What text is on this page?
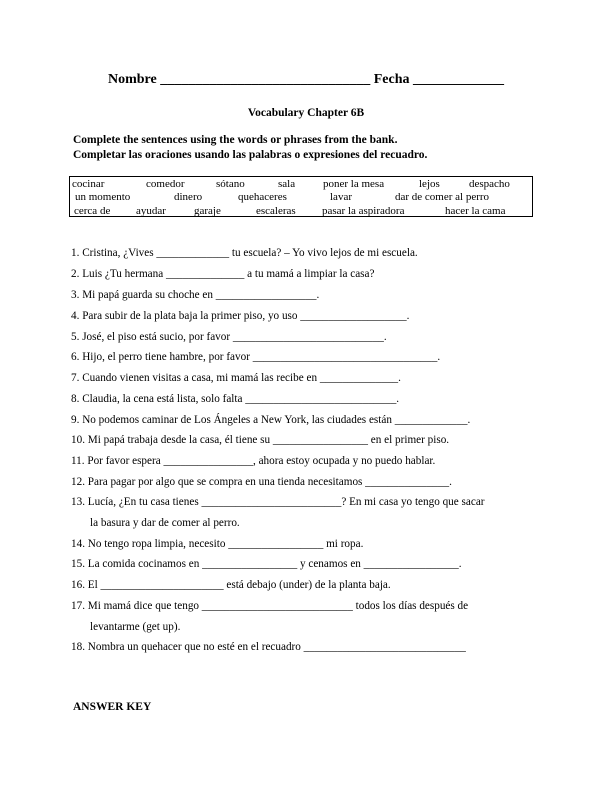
Nombre ______________________________ Fecha _____________
Vocabulary Chapter 6B
Complete the sentences using the words or phrases from the bank.
Completar las oraciones usando las palabras o expresiones del recuadro.
cocinar	comedor	sótano	sala	poner la mesa	lejos	despacho
un momento	dinero	quehaceres	lavar	dar de comer al perro
cerca de ayudar	garaje	escaleras pasar la aspiradora	hacer la cama
1. Cristina, ¿Vives _____________ tu escuela? – Yo vivo lejos de mi escuela.
2. Luis ¿Tu hermana ______________ a tu mamá a limpiar la casa?
3. Mi papá guarda su choche en __________________.
4. Para subir de la plata baja la primer piso, yo uso ___________________.
5. José, el piso está sucio, por favor ___________________________.
6. Hijo, el perro tiene hambre, por favor _________________________________.
7. Cuando vienen visitas a casa, mi mamá las recibe en ______________.
8. Claudia, la cena está lista, solo falta ___________________________.
9. No podemos caminar de Los Ángeles a New York, las ciudades están _____________.
10. Mi papá trabaja desde la casa, él tiene su _________________ en el primer piso.
11. Por favor espera ________________, ahora estoy ocupada y no puedo hablar.
12. Para pagar por algo que se compra en una tienda necesitamos _______________.
13. Lucía, ¿En tu casa tienes _________________________? En mi casa yo tengo que sacar
la basura y dar de comer al perro.
14. No tengo ropa limpia, necesito _________________ mi ropa.
15. La comida cocinamos en _________________ y cenamos en _________________.
16. El ______________________ está debajo (under) de la planta baja.
17. Mi mamá dice que tengo ___________________________ todos los días después de
levantarme (get up).
18. Nombra un quehacer que no esté en el recuadro _____________________________
ANSWER KEY
